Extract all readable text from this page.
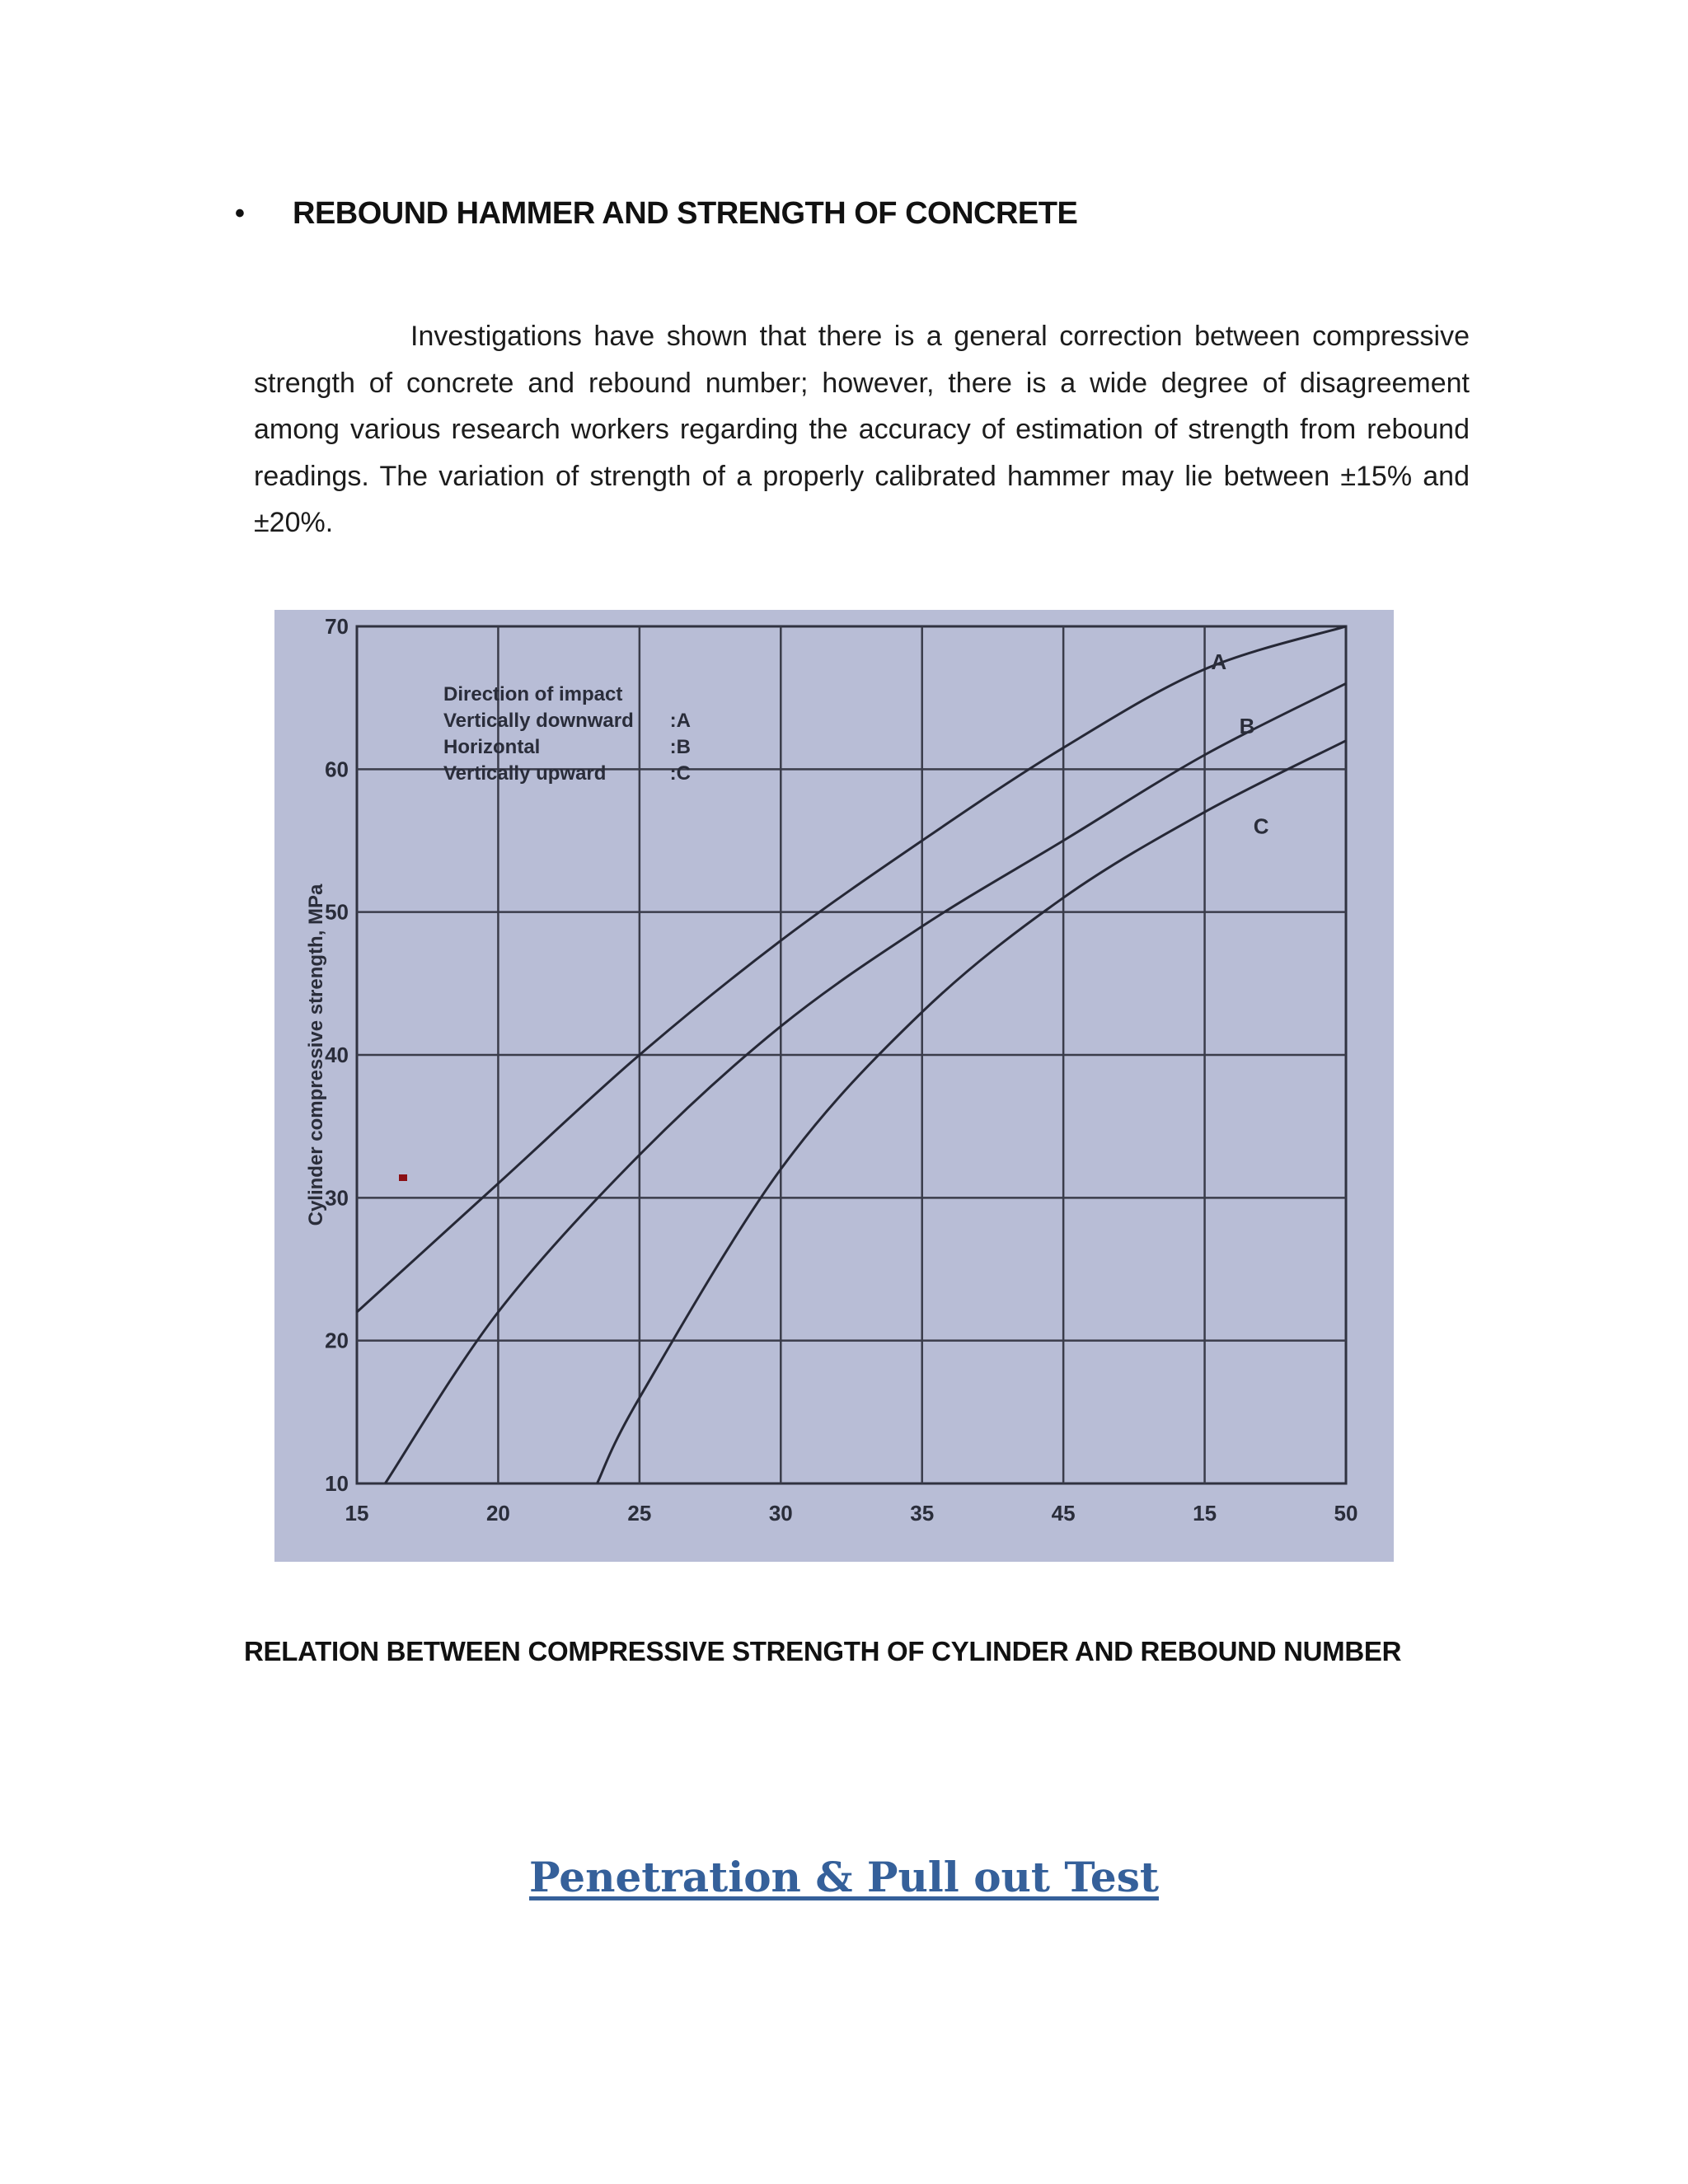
•	REBOUND HAMMER AND STRENGTH OF CONCRETE
Investigations have shown that there is a general correction between compressive strength of concrete and rebound number; however, there is a wide degree of disagreement among various research workers regarding the accuracy of estimation of strength from rebound readings. The variation of strength of a properly calibrated hammer may lie between ±15% and ±20%.
15	20	25	30	35	45	15	50
10
20
30
40
50
60
70
Cylinder compressive strength, MPa
A
B
C
Direction of impact
Vertically downward :A
Horizontal	:B
Vertically upward	:C
RELATION BETWEEN COMPRESSIVE STRENGTH OF CYLINDER AND REBOUND NUMBER
Penetration & Pull out Test
